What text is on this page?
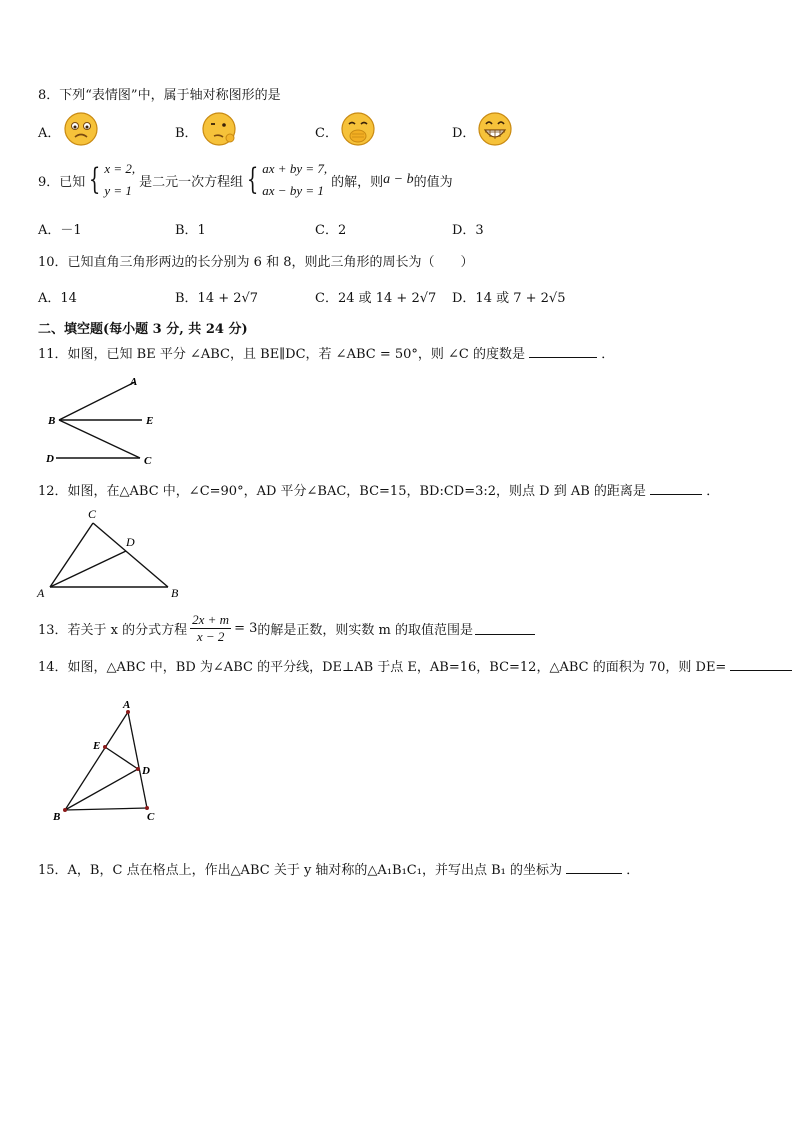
8．下列“表情图”中，属于轴对称图形的是
A．	B．	C．	D．
9．已知 { x = 2,
y = 1
是二元一次方程组 { ax + by = 7,
ax − by = 1
的解，则 a − b 的值为
A．－1	B．1	C．2	D．3
10．已知直角三角形两边的长分别为 6 和 8，则此三角形的周长为（　　）
A．14	B．14 + 2√7	C．24 或 14 + 2√7 D．14 或 7 + 2√5
二、填空题(每小题 3 分, 共 24 分)
11．如图，已知 BE 平分 ∠ABC，且 BE∥DC，若 ∠ABC = 50°，则 ∠C 的度数是	．
A
B	E
D	C
12．如图，在△ABC 中，∠C=90°，AD 平分∠BAC，BC=15，BD:CD=3:2，则点 D 到 AB 的距离是	．
C
D
A	B
13．若关于 x 的分式方程 $\frac{2x + m}{x - 2} = 3$ 的解是正数，则实数 m 的取值范围是
14．如图，△ABC 中，BD 为∠ABC 的平分线，DE⊥AB 于点 E，AB=16，BC=12，△ABC 的面积为 70，则 DE=
A
E
D
B	C
15．A，B，C 点在格点上，作出△ABC 关于 y 轴对称的△A₁B₁C₁，并写出点 B₁ 的坐标为	．
